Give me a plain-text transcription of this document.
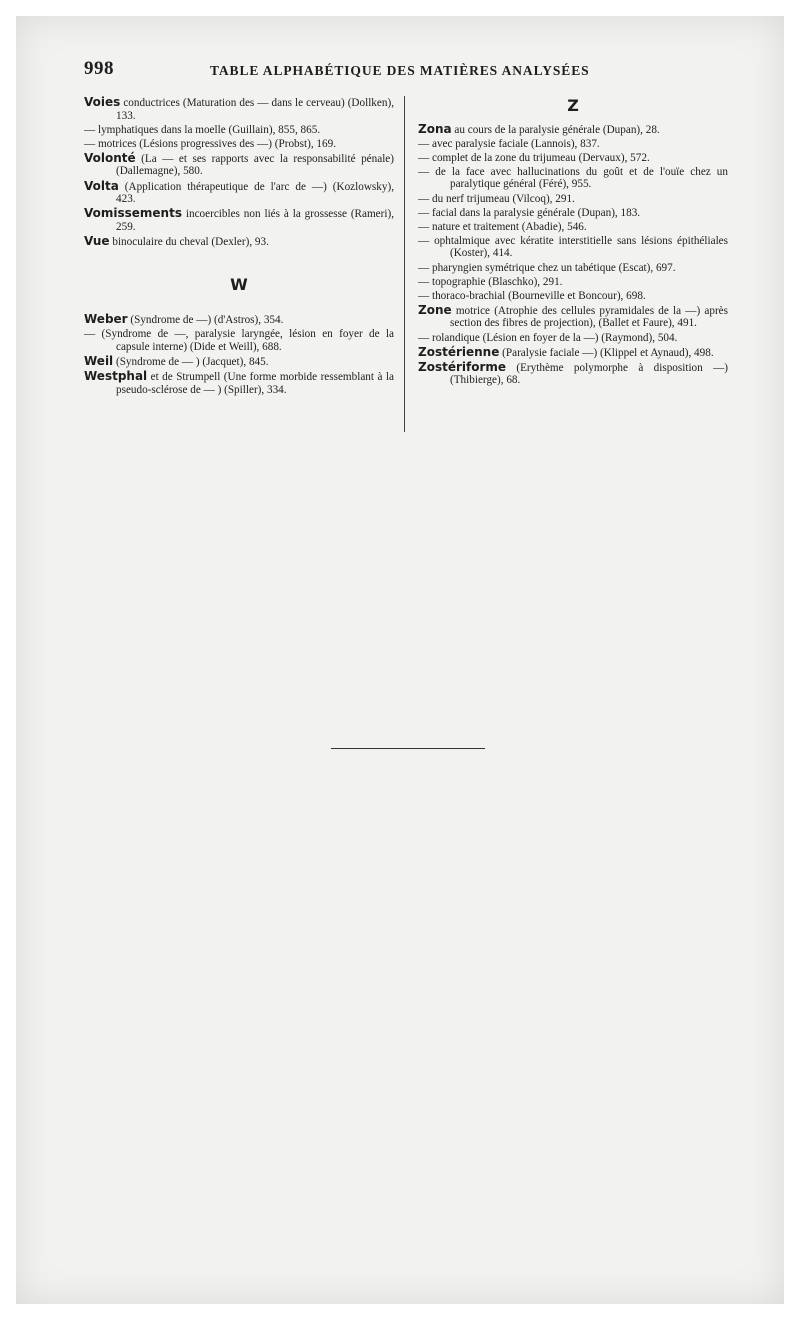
998	TABLE ALPHABÉTIQUE DES MATIÈRES ANALYSÉES

Voies conductrices (Maturation des — dans le cerveau) (Dollken), 133.

— lymphatiques dans la moelle (Guillain), 855, 865.

— motrices (Lésions progressives des —) (Probst), 169.

Volonté (La — et ses rapports avec la responsabilité pénale) (Dallemagne), 580.

Volta (Application thérapeutique de l'arc de —) (Kozlowsky), 423.

Vomissements incoercibles non liés à la grossesse (Rameri), 259.

Vue binoculaire du cheval (Dexler), 93.

W

Weber (Syndrome de —) (d'Astros), 354.

— (Syndrome de —, paralysie laryngée, lésion en foyer de la capsule interne) (Dide et Weill), 688.

Weil (Syndrome de — ) (Jacquet), 845.

Westphal et de Strumpell (Une forme morbide ressemblant à la pseudo-sclérose de — ) (Spiller), 334.

Z

Zona au cours de la paralysie générale (Dupan), 28.

— avec paralysie faciale (Lannois), 837.

— complet de la zone du trijumeau (Dervaux), 572.

— de la face avec hallucinations du goût et de l'ouïe chez un paralytique général (Féré), 955.

— du nerf trijumeau (Vilcoq), 291.

— facial dans la paralysie générale (Dupan), 183.

— nature et traitement (Abadie), 546.

— ophtalmique avec kératite interstitielle sans lésions épithéliales (Koster), 414.

— pharyngien symétrique chez un tabétique (Escat), 697.

— topographie (Blaschko), 291.

— thoraco-brachial (Bourneville et Boncour), 698.

Zone motrice (Atrophie des cellules pyramidales de la —) après section des fibres de projection), (Ballet et Faure), 491.

— rolandique (Lésion en foyer de la —) (Raymond), 504.

Zostérienne (Paralysie faciale —) (Klippel et Aynaud), 498.

Zostériforme (Erythème polymorphe à disposition —) (Thibierge), 68.
